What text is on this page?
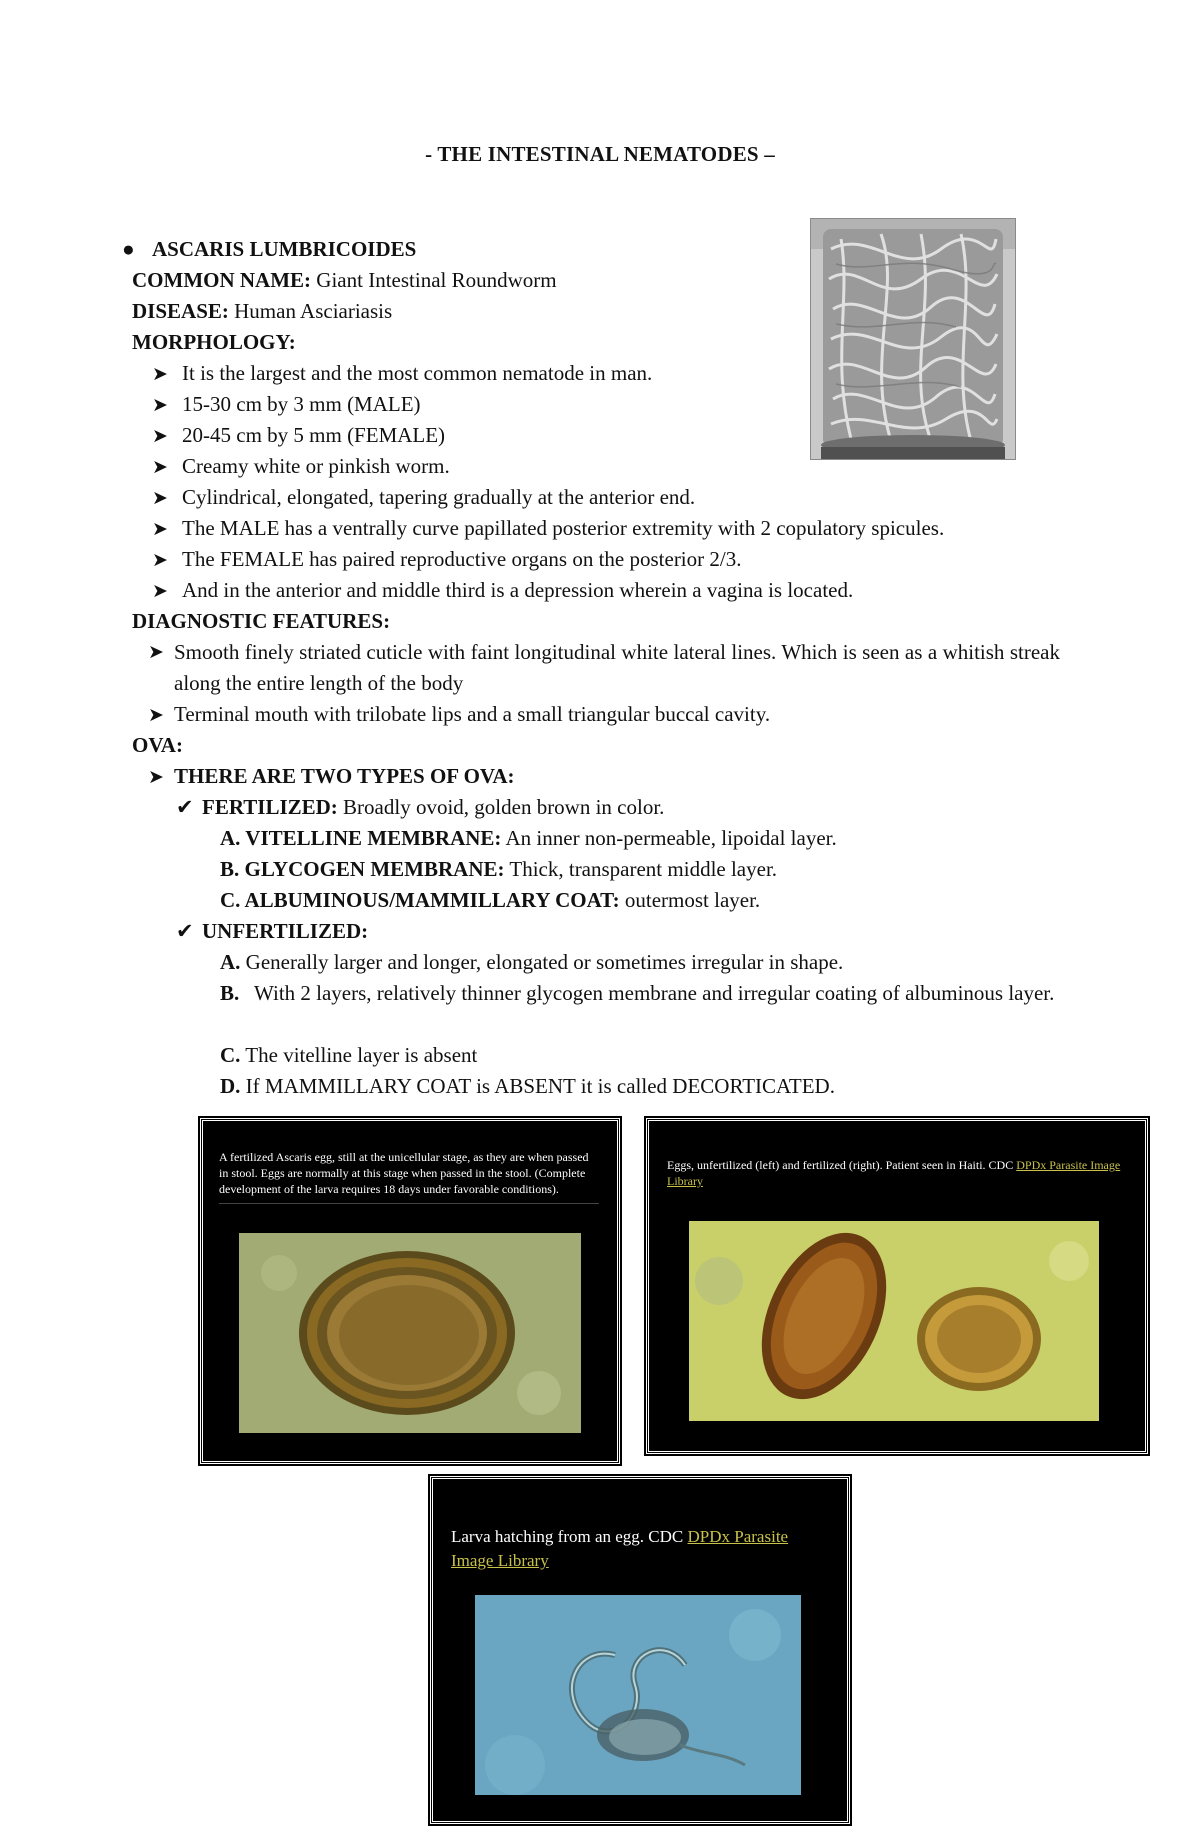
- THE INTESTINAL NEMATODES –
● ASCARIS LUMBRICOIDES
COMMON NAME: Giant Intestinal Roundworm
DISEASE: Human Asciariasis
MORPHOLOGY:
➤ It is the largest and the most common nematode in man.
➤ 15-30 cm by 3 mm (MALE)
➤ 20-45 cm by 5 mm (FEMALE)
➤ Creamy white or pinkish worm.
➤ Cylindrical, elongated, tapering gradually at the anterior end.
➤ The MALE has a ventrally curve papillated posterior extremity with 2 copulatory spicules.
➤ The FEMALE has paired reproductive organs on the posterior 2/3.
➤ And in the anterior and middle third is a depression wherein a vagina is located.
DIAGNOSTIC FEATURES:
➤ Smooth finely striated cuticle with faint longitudinal white lateral lines. Which is seen as a whitish streak along the entire length of the body
➤ Terminal mouth with trilobate lips and a small triangular buccal cavity.
OVA:
➤ THERE ARE TWO TYPES OF OVA:
✔ FERTILIZED: Broadly ovoid, golden brown in color.
A. VITELLINE MEMBRANE: An inner non-permeable, lipoidal layer.
B. GLYCOGEN MEMBRANE: Thick, transparent middle layer.
C. ALBUMINOUS/MAMMILLARY COAT: outermost layer.
✔ UNFERTILIZED:
A. Generally larger and longer, elongated or sometimes irregular in shape.
B. With 2 layers, relatively thinner glycogen membrane and irregular coating of albuminous layer.
C. The vitelline layer is absent
D. If MAMMILLARY COAT is ABSENT it is called DECORTICATED.
A fertilized Ascaris egg, still at the unicellular stage, as they are when passed in stool. Eggs are normally at this stage when passed in the stool. (Complete development of the larva requires 18 days under favorable conditions).
Eggs, unfertilized (left) and fertilized (right). Patient seen in Haiti. CDC DPDx Parasite Image Library
Larva hatching from an egg. CDC DPDx Parasite Image Library
